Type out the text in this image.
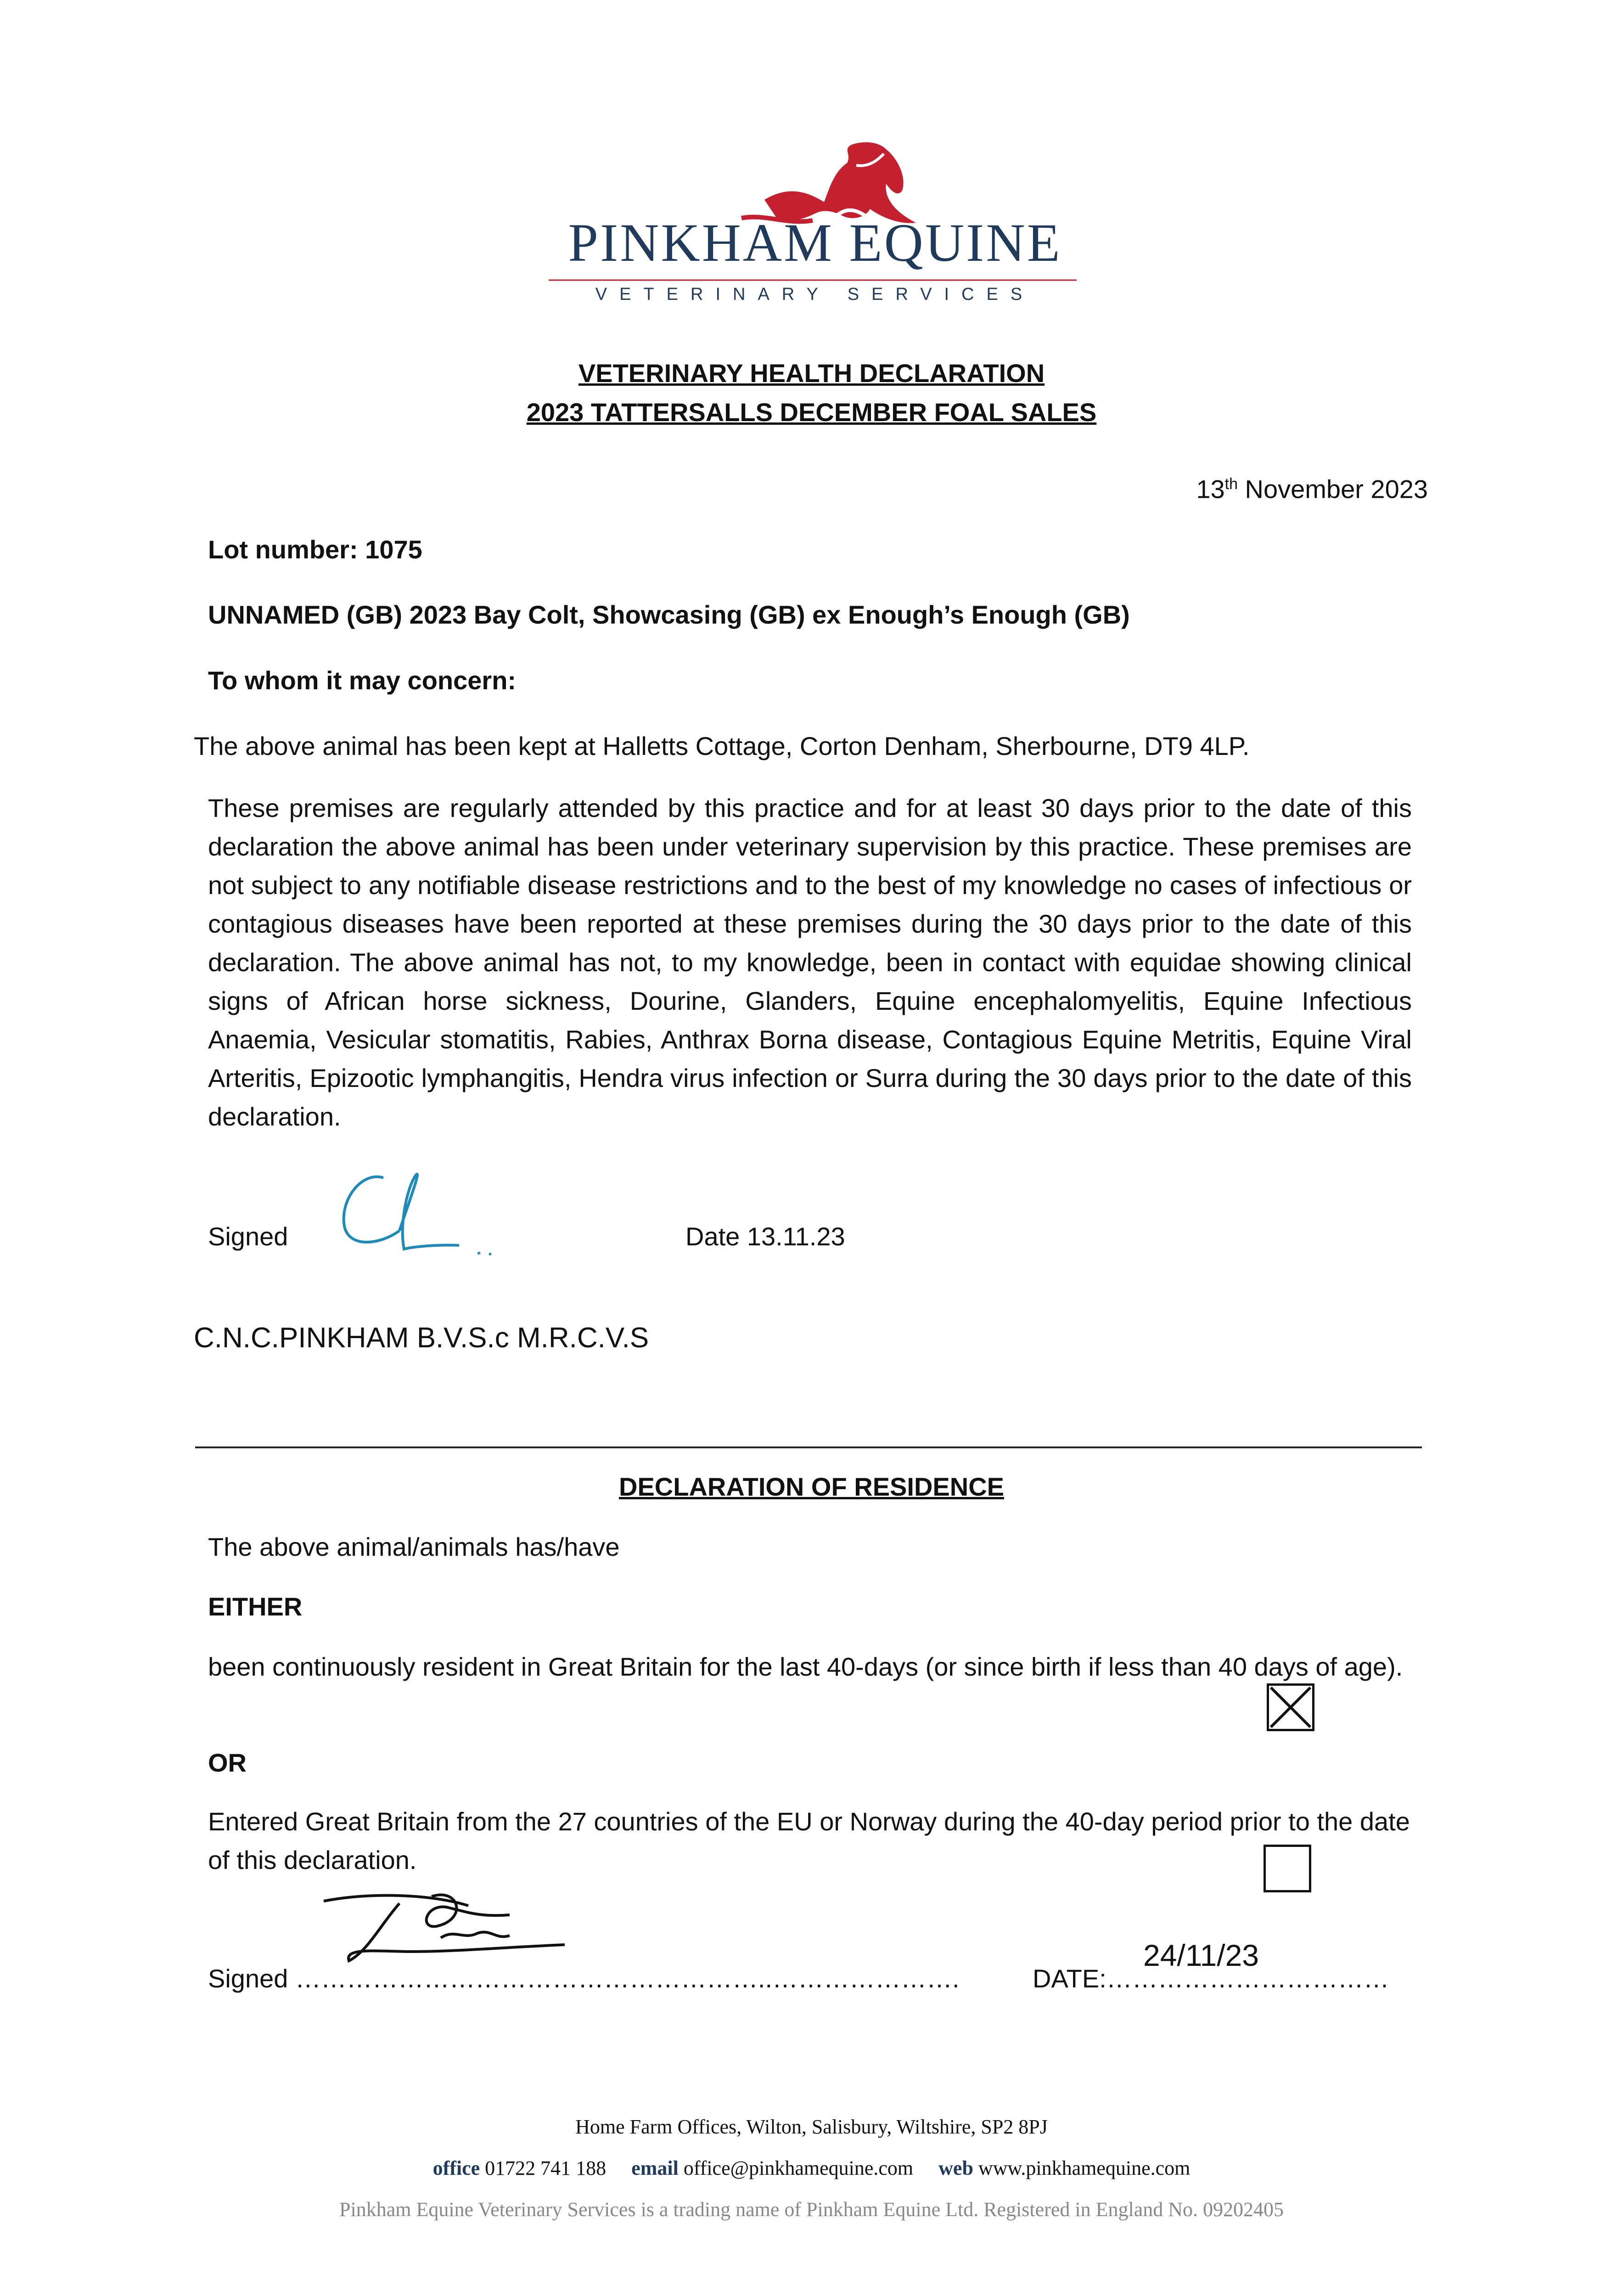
PINKHAM EQUINE
VETERINARY SERVICES
VETERINARY HEALTH DECLARATION
2023 TATTERSALLS DECEMBER FOAL SALES
13th November 2023
Lot number: 1075
UNNAMED (GB) 2023 Bay Colt, Showcasing (GB) ex Enough’s Enough (GB)
To whom it may concern:
The above animal has been kept at Halletts Cottage, Corton Denham, Sherbourne, DT9 4LP.
These premises are regularly attended by this practice and for at least 30 days prior to the date of this declaration the above animal has been under veterinary supervision by this practice. These premises are not subject to any notifiable disease restrictions and to the best of my knowledge no cases of infectious or contagious diseases have been reported at these premises during the 30 days prior to the date of this declaration. The above animal has not, to my knowledge, been in contact with equidae showing clinical signs of African horse sickness, Dourine, Glanders, Equine encephalomyelitis, Equine Infectious Anaemia, Vesicular stomatitis, Rabies, Anthrax Borna disease, Contagious Equine Metritis, Equine Viral Arteritis, Epizootic lymphangitis, Hendra virus infection or Surra during the 30 days prior to the date of this declaration.
Signed	Date 13.11.23
C.N.C.PINKHAM B.V.S.c M.R.C.V.S
DECLARATION OF RESIDENCE
The above animal/animals has/have
EITHER
been continuously resident in Great Britain for the last 40-days (or since birth if less than 40 days of age).
OR
Entered Great Britain from the 27 countries of the EU or Norway during the 40-day period prior to the date of this declaration.
Signed ………………………………………………..………………….	DATE:……………………………
24/11/23
Home Farm Offices, Wilton, Salisbury, Wiltshire, SP2 8PJ
office 01722 741 188 email office@pinkhamequine.com web www.pinkhamequine.com
Pinkham Equine Veterinary Services is a trading name of Pinkham Equine Ltd. Registered in England No. 09202405
